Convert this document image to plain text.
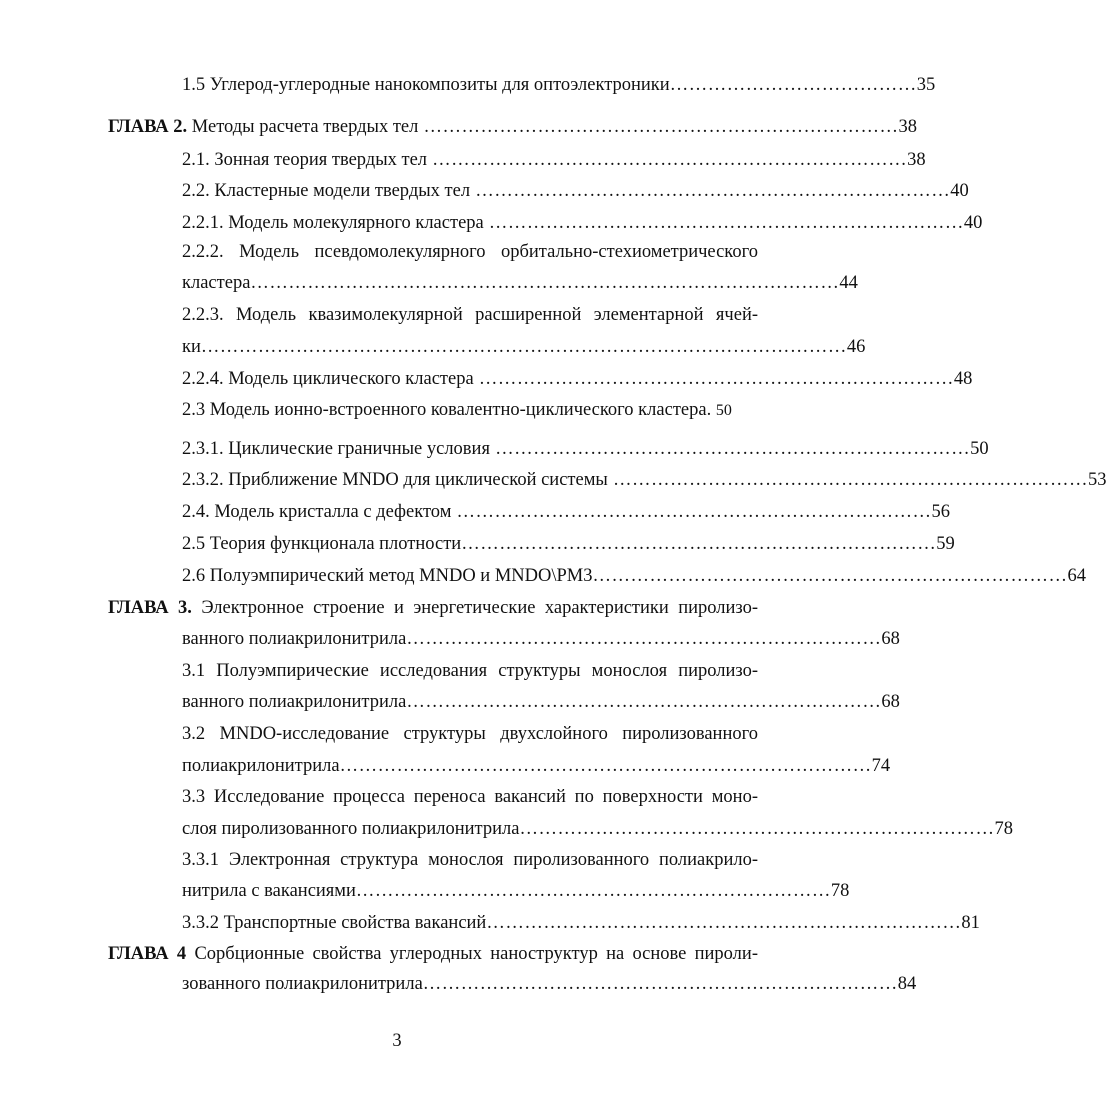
1.5 Углерод-углеродные нанокомпозиты для оптоэлектроники ………………………………… 35
ГЛАВА 2.
Методы расчета твердых тел ………………………………………………………………… 38
2.1. Зонная теория твердых тел ………………………………………………………………… 38
2.2. Кластерные модели твердых тел ………………………………………………………………… 40
2.2.1. Модель молекулярного кластера ………………………………………………………………… 40
2.2.2. Модель псевдомолекулярного орбитально-стехиометрического
кластера ………………………………………………………………………………… 44
2.2.3. Модель квазимолекулярной расширенной элементарной ячей-
ки ………………………………………………………………………………………… 46
2.2.4. Модель циклического кластера ………………………………………………………………… 48
2.3 Модель ионно-встроенного ковалентно-циклического кластера. 50
2.3.1. Циклические граничные условия ………………………………………………………………… 50
2.3.2. Приближение MNDO для циклической системы ………………………………………………………………… 53
2.4. Модель кристалла с дефектом ………………………………………………………………… 56
2.5 Теория функционала плотности ………………………………………………………………… 59
2.6 Полуэмпирический метод MNDO и MNDO\PM3 ………………………………………………………………… 64
ГЛАВА 3. Электронное строение и энергетические характеристики пиролизо-
ванного полиакрилонитрила ………………………………………………………………… 68
3.1 Полуэмпирические исследования структуры монослоя пиролизо-
ванного полиакрилонитрила ………………………………………………………………… 68
3.2 MNDO-исследование структуры двухслойного пиролизованного
полиакрилонитрила ………………………………………………………………………… 74
3.3 Исследование процесса переноса вакансий по поверхности моно-
слоя пиролизованного полиакрилонитрила ………………………………………………………………… 78
3.3.1 Электронная структура монослоя пиролизованного полиакрило-
нитрила с вакансиями ………………………………………………………………… 78
3.3.2 Транспортные свойства вакансий ………………………………………………………………… 81
ГЛАВА 4 Сорбционные свойства углеродных наноструктур на основе пироли-
зованного полиакрилонитрила ………………………………………………………………… 84
3
